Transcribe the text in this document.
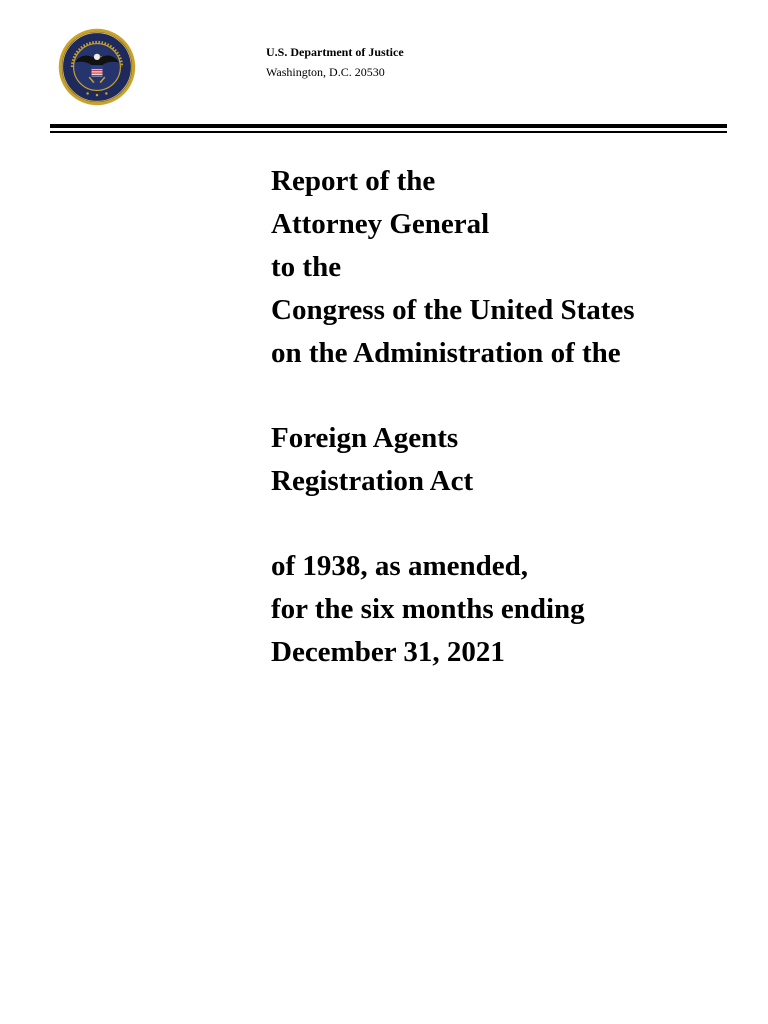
U.S. Department of Justice
Washington, D.C. 20530
Report of the
Attorney General
to the
Congress of the United States
on the Administration of the
Foreign Agents
Registration Act
of 1938, as amended,
for the six months ending
December 31, 2021
